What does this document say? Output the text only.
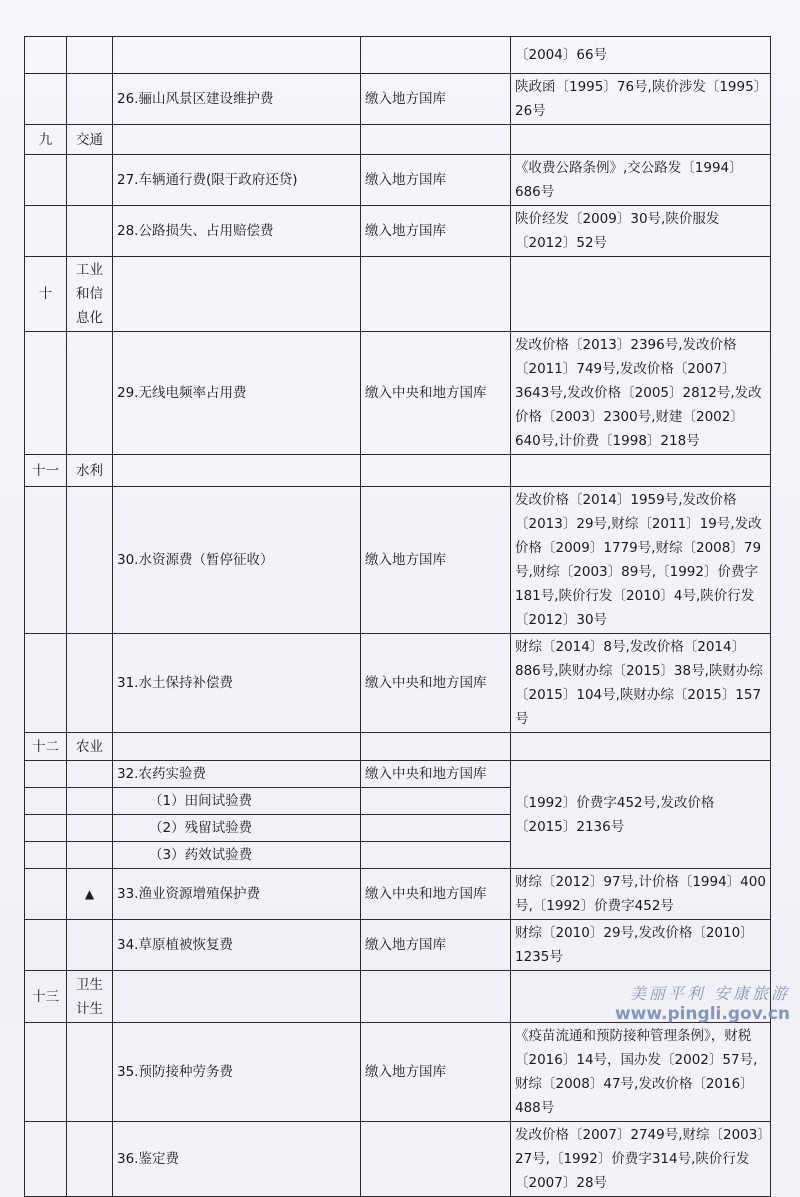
				〔2004〕66号
		26.骊山风景区建设维护费	缴入地方国库	陕政函〔1995〕76号,陕价涉发〔1995〕26号
九	交通			
		27.车辆通行费(限于政府还贷)	缴入地方国库	《收费公路条例》,交公路发〔1994〕686号
		28.公路损失、占用赔偿费	缴入地方国库	陕价经发〔2009〕30号,陕价服发〔2012〕52号
十	工业和信息化			
		29.无线电频率占用费	缴入中央和地方国库	发改价格〔2013〕2396号,发改价格〔2011〕749号,发改价格〔2007〕3643号,发改价格〔2005〕2812号,发改价格〔2003〕2300号,财建〔2002〕640号,计价费〔1998〕218号
十一	水利			
		30.水资源费（暂停征收）	缴入地方国库	发改价格〔2014〕1959号,发改价格〔2013〕29号,财综〔2011〕19号,发改价格〔2009〕1779号,财综〔2008〕79号,财综〔2003〕89号,〔1992〕价费字181号,陕价行发〔2010〕4号,陕价行发〔2012〕30号
		31.水土保持补偿费	缴入中央和地方国库	财综〔2014〕8号,发改价格〔2014〕886号,陕财办综〔2015〕38号,陕财办综〔2015〕104号,陕财办综〔2015〕157号
十二	农业			
		32.农药实验费	缴入中央和地方国库	〔1992〕价费字452号,发改价格〔2015〕2136号
		（1）田间试验费		
		（2）残留试验费		
		（3）药效试验费		
	▲	33.渔业资源增殖保护费	缴入中央和地方国库	财综〔2012〕97号,计价格〔1994〕400号,〔1992〕价费字452号
		34.草原植被恢复费	缴入地方国库	财综〔2010〕29号,发改价格〔2010〕1235号
十三	卫生计生			
		35.预防接种劳务费	缴入地方国库	《疫苗流通和预防接种管理条例》，财税〔2016〕14号，国办发〔2002〕57号,财综〔2008〕47号,发改价格〔2016〕488号
		36.鉴定费		发改价格〔2007〕2749号,财综〔2003〕27号,〔1992〕价费字314号,陕价行发〔2007〕28号
美丽平利 安康旅游
www.pingli.gov.cn
